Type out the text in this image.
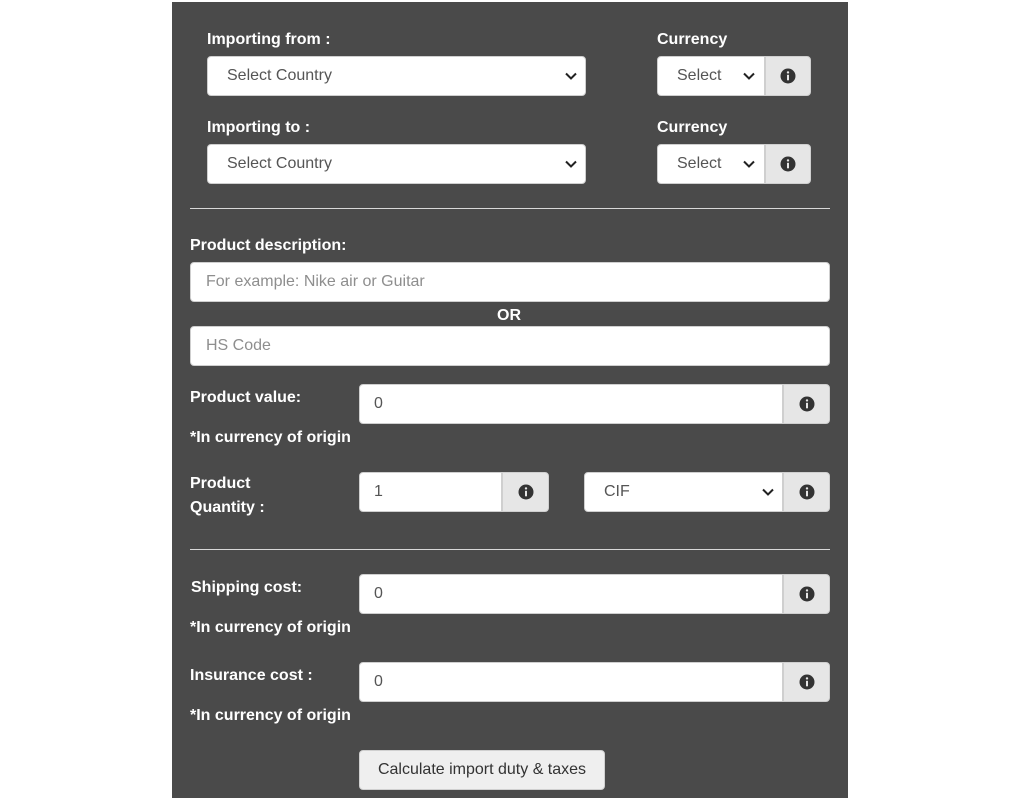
Importing from :	Currency
Select Country	Select
Importing to :	Currency
Select Country	Select
Product description:
For example: Nike air or Guitar
OR
HS Code
Product value:
*In currency of origin
0
Product
Quantity :
1	CIF
Shipping cost:
*In currency of origin
0
Insurance cost :
*In currency of origin
0
Calculate import duty & taxes
